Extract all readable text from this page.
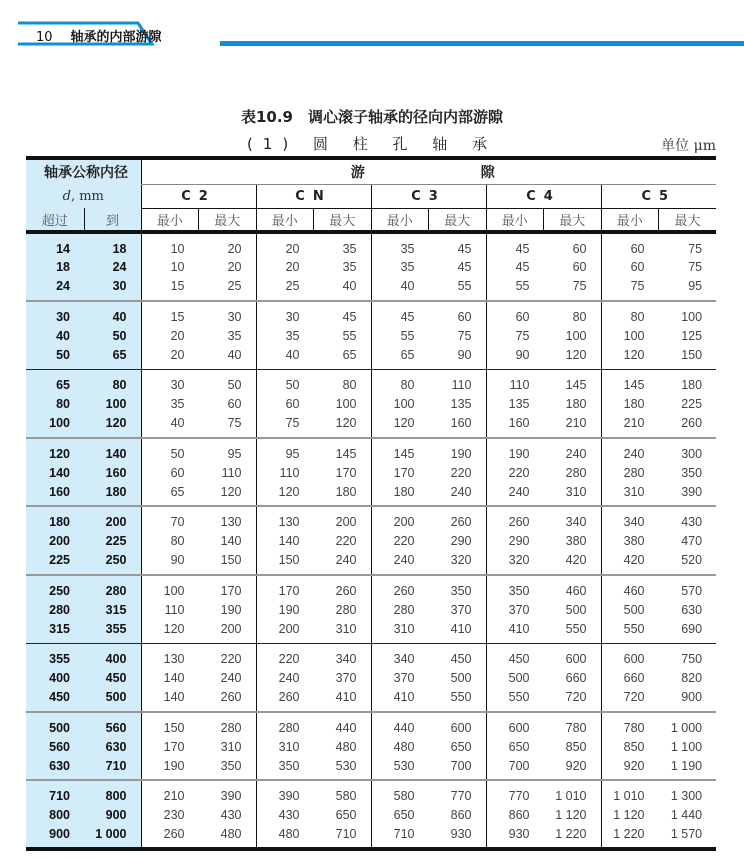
10 轴承的内部游隙
表10.9　调心滚子轴承的径向内部游隙
(1) 圆 柱 孔 轴 承	单位 μm
轴承公称内径		游　　　　隙									
d, mm		C2		CN		C3		C4		C5	
超过	到	最小	最大	最小	最大	最小	最大	最小	最大	最小	最大
14	18	10	20	20	35	35	45	45	60	60	75
18	24	10	20	20	35	35	45	45	60	60	75
24	30	15	25	25	40	40	55	55	75	75	95
30	40	15	30	30	45	45	60	60	80	80	100
40	50	20	35	35	55	55	75	75	100	100	125
50	65	20	40	40	65	65	90	90	120	120	150
65	80	30	50	50	80	80	110	110	145	145	180
80	100	35	60	60	100	100	135	135	180	180	225
100	120	40	75	75	120	120	160	160	210	210	260
120	140	50	95	95	145	145	190	190	240	240	300
140	160	60	110	110	170	170	220	220	280	280	350
160	180	65	120	120	180	180	240	240	310	310	390
180	200	70	130	130	200	200	260	260	340	340	430
200	225	80	140	140	220	220	290	290	380	380	470
225	250	90	150	150	240	240	320	320	420	420	520
250	280	100	170	170	260	260	350	350	460	460	570
280	315	110	190	190	280	280	370	370	500	500	630
315	355	120	200	200	310	310	410	410	550	550	690
355	400	130	220	220	340	340	450	450	600	600	750
400	450	140	240	240	370	370	500	500	660	660	820
450	500	140	260	260	410	410	550	550	720	720	900
500	560	150	280	280	440	440	600	600	780	780	1 000
560	630	170	310	310	480	480	650	650	850	850	1 100
630	710	190	350	350	530	530	700	700	920	920	1 190
710	800	210	390	390	580	580	770	770	1 010	1 010	1 300
800	900	230	430	430	650	650	860	860	1 120	1 120	1 440
900	1 000	260	480	480	710	710	930	930	1 220	1 220	1 570
